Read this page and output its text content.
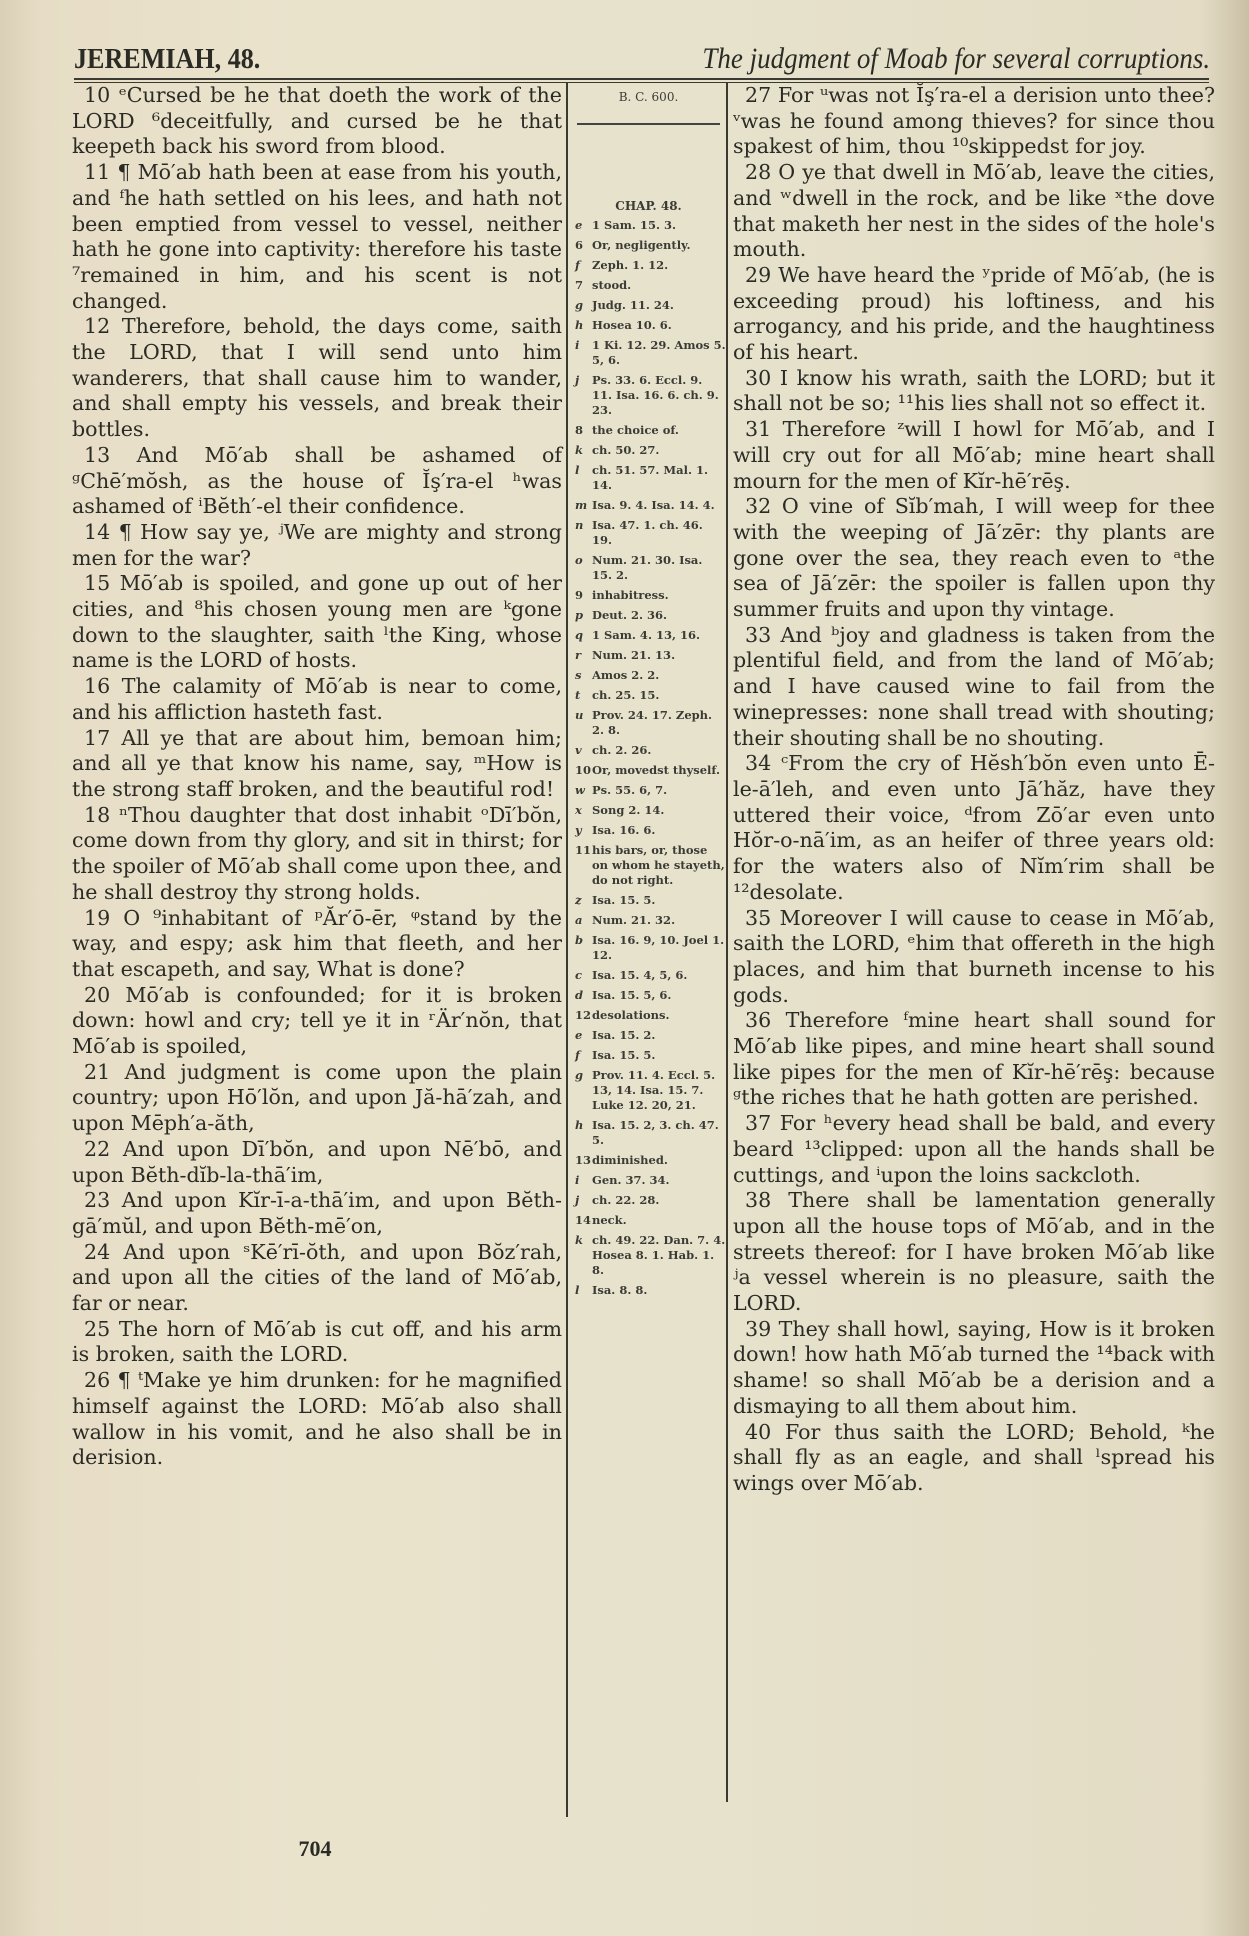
JEREMIAH, 48.	The judgment of Moab for several corruptions.

10 ᵉCursed be he that doeth the work of the LORD ⁶deceitfully, and cursed be he that keepeth back his sword from blood.

11 ¶ Mō′ab hath been at ease from his youth, and ᶠhe hath settled on his lees, and hath not been emptied from vessel to vessel, neither hath he gone into captivity: therefore his taste ⁷remained in him, and his scent is not changed.

12 Therefore, behold, the days come, saith the LORD, that I will send unto him wanderers, that shall cause him to wander, and shall empty his vessels, and break their bottles.

13 And Mō′ab shall be ashamed of ᵍChē′mŏsh, as the house of Ĭş′ra-el ʰwas ashamed of ⁱBĕth′-el their confidence.

14 ¶ How say ye, ʲWe are mighty and strong men for the war?

15 Mō′ab is spoiled, and gone up out of her cities, and ⁸his chosen young men are ᵏgone down to the slaughter, saith ˡthe King, whose name is the LORD of hosts.

16 The calamity of Mō′ab is near to come, and his affliction hasteth fast.

17 All ye that are about him, bemoan him; and all ye that know his name, say, ᵐHow is the strong staff broken, and the beautiful rod!

18 ⁿThou daughter that dost inhabit ᵒDī′bŏn, come down from thy glory, and sit in thirst; for the spoiler of Mō′ab shall come upon thee, and he shall destroy thy strong holds.

19 O ⁹inhabitant of ᵖĂr′ō-ēr, ᵠstand by the way, and espy; ask him that fleeth, and her that escapeth, and say, What is done?

20 Mō′ab is confounded; for it is broken down: howl and cry; tell ye it in ʳÄr′nŏn, that Mō′ab is spoiled,

21 And judgment is come upon the plain country; upon Hō′lŏn, and upon Jă-hā′zah, and upon Mēph′a-ăth,

22 And upon Dī′bŏn, and upon Nē′bō, and upon Bĕth-dĭb-la-thā′im,

23 And upon Kĭr-ī-a-thā′im, and upon Bĕth-gā′mŭl, and upon Bĕth-mē′on,

24 And upon ˢKē′rī-ŏth, and upon Bŏz′rah, and upon all the cities of the land of Mō′ab, far or near.

25 The horn of Mō′ab is cut off, and his arm is broken, saith the LORD.

26 ¶ ᵗMake ye him drunken: for he magnified himself against the LORD: Mō′ab also shall wallow in his vomit, and he also shall be in derision.

B. C. 600.
CHAP. 48.
e 1 Sam. 15. 3.
6 Or, negligently.
f	Zeph. 1. 12.
7 stood.
g Judg. 11. 24.
h Hosea 10. 6.
i	1 Ki. 12. 29. Amos 5. 5, 6.
j	Ps. 33. 6. Eccl. 9. 11. Isa. 16. 6. ch. 9. 23.
8 the choice of.
k ch. 50. 27.
l	ch. 51. 57. Mal. 1. 14.
m Isa. 9. 4. Isa. 14. 4.
n Isa. 47. 1. ch. 46. 19.
o Num. 21. 30. Isa. 15. 2.
9 inhabitress.
p Deut. 2. 36.
q 1 Sam. 4. 13, 16.
r Num. 21. 13.
s Amos 2. 2.
t	ch. 25. 15.
u Prov. 24. 17. Zeph. 2. 8.
v ch. 2. 26.
10 Or, movedst thyself.
w Ps. 55. 6, 7.
x Song 2. 14.
y Isa. 16. 6.
11 his bars, or, those on whom he stayeth, do not right.
z Isa. 15. 5.
a Num. 21. 32.
b Isa. 16. 9, 10. Joel 1. 12.
c Isa. 15. 4, 5, 6.
d Isa. 15. 5, 6.
12 desolations.
e Isa. 15. 2.
f	Isa. 15. 5.
g Prov. 11. 4. Eccl. 5. 13, 14. Isa. 15. 7. Luke 12. 20, 21.
h Isa. 15. 2, 3. ch. 47. 5.
13 diminished.
i	Gen. 37. 34.
j	ch. 22. 28.
14 neck.
k ch. 49. 22. Dan. 7. 4. Hosea 8. 1. Hab. 1. 8.
l	Isa. 8. 8.

27 For ᵘwas not Ĭş′ra-el a derision unto thee? ᵛwas he found among thieves? for since thou spakest of him, thou ¹⁰skippedst for joy.

28 O ye that dwell in Mō′ab, leave the cities, and ʷdwell in the rock, and be like ˣthe dove that maketh her nest in the sides of the hole's mouth.

29 We have heard the ʸpride of Mō′ab, (he is exceeding proud) his loftiness, and his arrogancy, and his pride, and the haughtiness of his heart.

30 I know his wrath, saith the LORD; but it shall not be so; ¹¹his lies shall not so effect it.

31 Therefore ᶻwill I howl for Mō′ab, and I will cry out for all Mō′ab; mine heart shall mourn for the men of Kĭr-hē′rēş.

32 O vine of Sĭb′mah, I will weep for thee with the weeping of Jā′zēr: thy plants are gone over the sea, they reach even to ᵃthe sea of Jā′zēr: the spoiler is fallen upon thy summer fruits and upon thy vintage.

33 And ᵇjoy and gladness is taken from the plentiful field, and from the land of Mō′ab; and I have caused wine to fail from the winepresses: none shall tread with shouting; their shouting shall be no shouting.

34 ᶜFrom the cry of Hĕsh′bŏn even unto Ē-le-ā′leh, and even unto Jā′hăz, have they uttered their voice, ᵈfrom Zō′ar even unto Hŏr-o-nā′im, as an heifer of three years old: for the waters also of Nĭm′rim shall be ¹²desolate.

35 Moreover I will cause to cease in Mō′ab, saith the LORD, ᵉhim that offereth in the high places, and him that burneth incense to his gods.

36 Therefore ᶠmine heart shall sound for Mō′ab like pipes, and mine heart shall sound like pipes for the men of Kĭr-hē′rēş: because ᵍthe riches that he hath gotten are perished.

37 For ʰevery head shall be bald, and every beard ¹³clipped: upon all the hands shall be cuttings, and ⁱupon the loins sackcloth.

38 There shall be lamentation generally upon all the house tops of Mō′ab, and in the streets thereof: for I have broken Mō′ab like ʲa vessel wherein is no pleasure, saith the LORD.

39 They shall howl, saying, How is it broken down! how hath Mō′ab turned the ¹⁴back with shame! so shall Mō′ab be a derision and a dismaying to all them about him.

40 For thus saith the LORD; Behold, ᵏhe shall fly as an eagle, and shall ˡspread his wings over Mō′ab.

704
